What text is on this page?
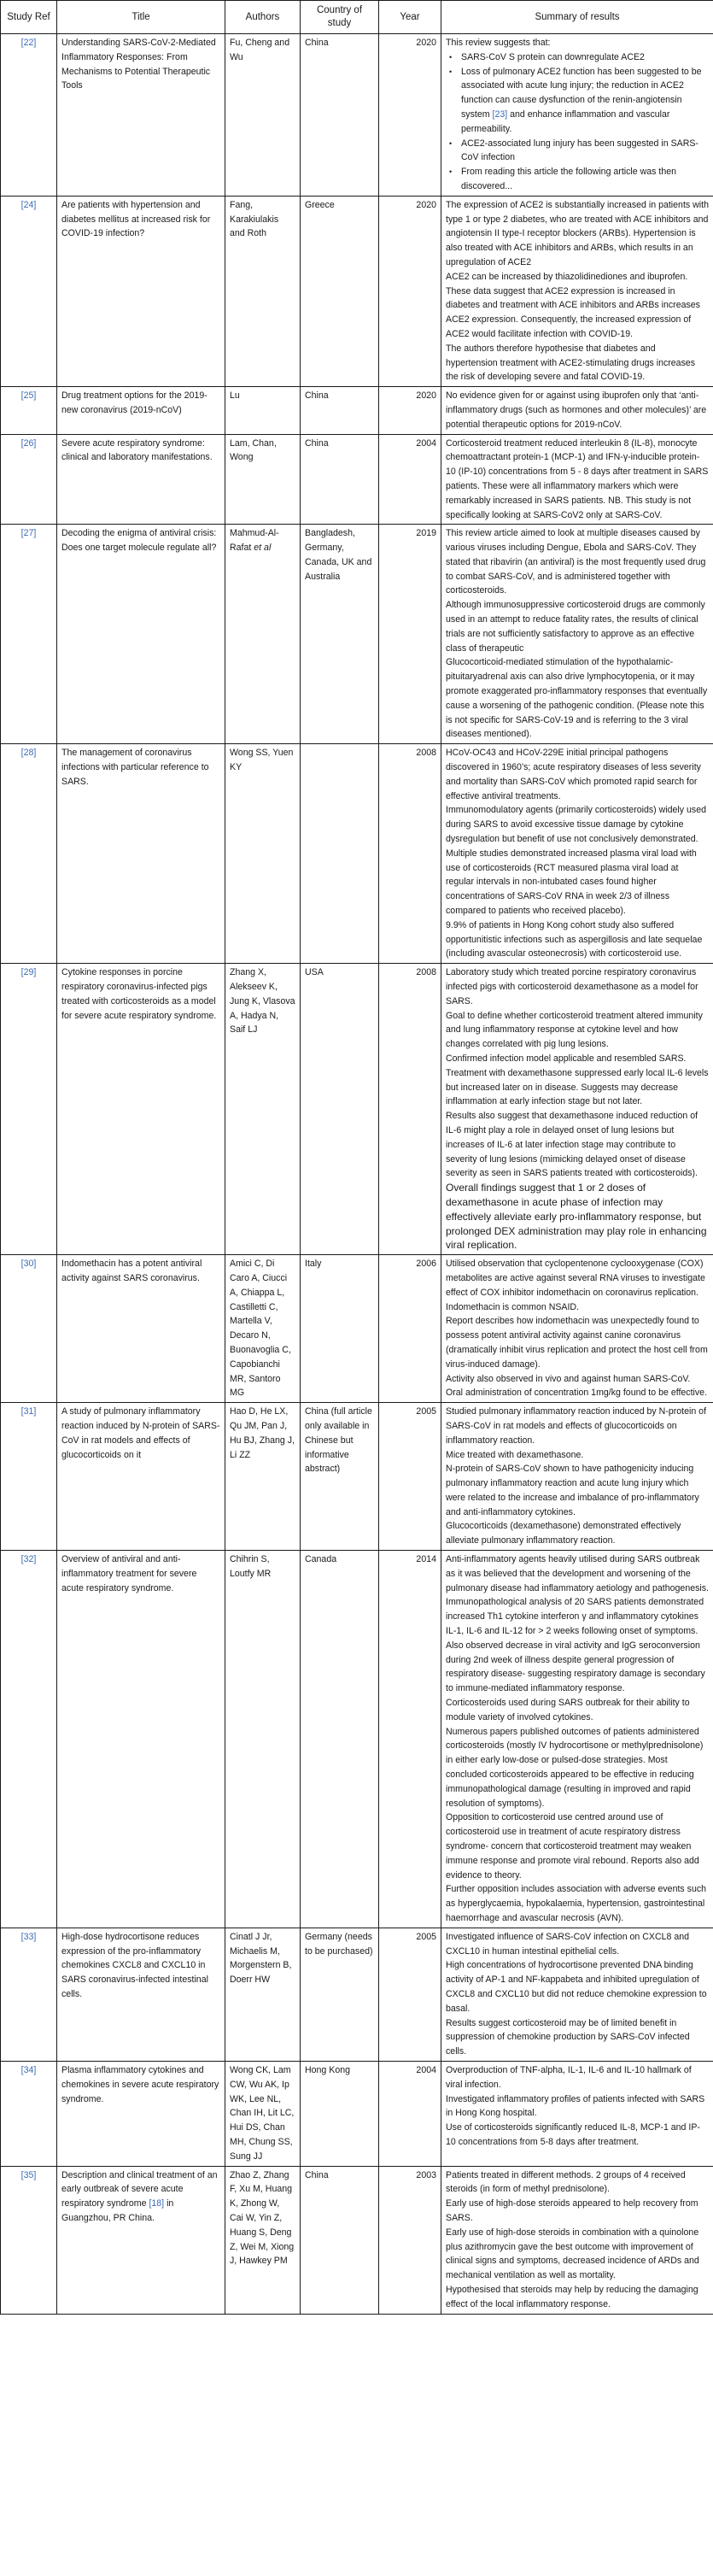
Study Ref	Title	Authors	Country of study	Year	Summary of results
[22]	Understanding SARS-CoV-2-Mediated Inflammatory Responses: From Mechanisms to Potential Therapeutic Tools	Fu, Cheng and Wu	China	2020	This review suggests that:
• SARS-CoV S protein can downregulate ACE2
• Loss of pulmonary ACE2 function has been suggested to be associated with acute lung injury; the reduction in ACE2 function can cause dysfunction of the renin-angiotensin system [23] and enhance inflammation and vascular permeability.
• ACE2-associated lung injury has been suggested in SARS- CoV infection
• From reading this article the following article was then discovered...

[24]	Are patients with hypertension and diabetes mellitus at increased risk for COVID-19 infection?	Fang, Karakiulakis and Roth	Greece	2020	The expression of ACE2 is substantially increased in patients with type 1 or type 2 diabetes, who are treated with ACE inhibitors and angiotensin II type-I receptor blockers (ARBs). Hypertension is also treated with ACE inhibitors and ARBs, which results in an upregulation of ACE2
ACE2 can be increased by thiazolidinediones and ibuprofen. These data suggest that ACE2 expression is increased in diabetes and treatment with ACE inhibitors and ARBs increases ACE2 expression. Consequently, the increased expression of ACE2 would facilitate infection with COVID-19.
The authors therefore hypothesise that diabetes and hypertension treatment with ACE2-stimulating drugs increases the risk of developing severe and fatal COVID-19.

[25]	Drug treatment options for the 2019-new coronavirus (2019-nCoV)	Lu	China	2020	No evidence given for or against using ibuprofen only that ‘anti-inflammatory drugs (such as hormones and other molecules)’ are potential therapeutic options for 2019-nCoV.

[26]	Severe acute respiratory syndrome: clinical and laboratory manifestations.	Lam, Chan, Wong	China	2004	Corticosteroid treatment reduced interleukin 8 (IL-8), monocyte chemoattractant protein-1 (MCP-1) and IFN-γ-inducible protein-10 (IP-10) concentrations from 5 - 8 days after treatment in SARS patients. These were all inflammatory markers which were remarkably increased in SARS patients. NB. This study is not specifically looking at SARS-CoV2 only at SARS-CoV.

[27]	Decoding the enigma of antiviral crisis: Does one target molecule regulate all?	Mahmud-Al-Rafat et al	Bangladesh, Germany, Canada, UK and Australia	2019	This review article aimed to look at multiple diseases caused by various viruses including Dengue, Ebola and SARS-CoV. They stated that ribavirin (an antiviral) is the most frequently used drug to combat SARS-CoV, and is administered together with corticosteroids.
Although immunosuppressive corticosteroid drugs are commonly used in an attempt to reduce fatality rates, the results of clinical trials are not sufficiently satisfactory to approve as an effective class of therapeutic
Glucocorticoid-mediated stimulation of the hypothalamic-pituitaryadrenal axis can also drive lymphocytopenia, or it may promote exaggerated pro-inflammatory responses that eventually cause a worsening of the pathogenic condition. (Please note this is not specific for SARS-CoV-19 and is referring to the 3 viral diseases mentioned).

[28]	The management of coronavirus infections with particular reference to SARS.	Wong SS, Yuen KY		2008	HCoV-OC43 and HCoV-229E initial principal pathogens discovered in 1960’s; acute respiratory diseases of less severity and mortality than SARS-CoV which promoted rapid search for effective antiviral treatments.
Immunomodulatory agents (primarily corticosteroids) widely used during SARS to avoid excessive tissue damage by cytokine dysregulation but benefit of use not conclusively demonstrated.
Multiple studies demonstrated increased plasma viral load with use of corticosteroids (RCT measured plasma viral load at regular intervals in non-intubated cases found higher concentrations of SARS-CoV RNA in week 2/3 of illness compared to patients who received placebo).
9.9% of patients in Hong Kong cohort study also suffered opportunitistic infections such as aspergillosis and late sequelae (including avascular osteonecrosis) with corticosteroid use.

[29]	Cytokine responses in porcine respiratory coronavirus-infected pigs treated with corticosteroids as a model for severe acute respiratory syndrome.	Zhang X, Alekseev K, Jung K, Vlasova A, Hadya N, Saif LJ	USA	2008	Laboratory study which treated porcine respiratory coronavirus infected pigs with corticosteroid dexamethasone as a model for SARS.
Goal to define whether corticosteroid treatment altered immunity and lung inflammatory response at cytokine level and how changes correlated with pig lung lesions.
Confirmed infection model applicable and resembled SARS.
Treatment with dexamethasone suppressed early local IL-6 levels but increased later on in disease. Suggests may decrease inflammation at early infection stage but not later.
Results also suggest that dexamethasone induced reduction of IL-6 might play a role in delayed onset of lung lesions but increases of IL-6 at later infection stage may contribute to severity of lung lesions (mimicking delayed onset of disease severity as seen in SARS patients treated with corticosteroids).
Overall findings suggest that 1 or 2 doses of dexamethasone in acute phase of infection may effectively alleviate early pro-inflammatory response, but prolonged DEX administration may play role in enhancing viral replication.

[30]	Indomethacin has a potent antiviral activity against SARS coronavirus.	Amici C, Di Caro A, Ciucci A, Chiappa L, Castilletti C, Martella V, Decaro N, Buonavoglia C, Capobianchi MR, Santoro MG	Italy	2006	Utilised observation that cyclopentenone cyclooxygenase (COX) metabolites are active against several RNA viruses to investigate effect of COX inhibitor indomethacin on coronavirus replication.
Indomethacin is common NSAID.
Report describes how indomethacin was unexpectedly found to possess potent antiviral activity against canine coronavirus (dramatically inhibit virus replication and protect the host cell from virus-induced damage).
Activity also observed in vivo and against human SARS-CoV.
Oral administration of concentration 1mg/kg found to be effective.

[31]	A study of pulmonary inflammatory reaction induced by N-protein of SARS-CoV in rat models and effects of glucocorticoids on it	Hao D, He LX, Qu JM, Pan J, Hu BJ, Zhang J, Li ZZ	China (full article only available in Chinese but informative abstract)	2005	Studied pulmonary inflammatory reaction induced by N-protein of SARS-CoV in rat models and effects of glucocorticoids on inflammatory reaction.
Mice treated with dexamethasone.
N-protein of SARS-CoV shown to have pathogenicity inducing pulmonary inflammatory reaction and acute lung injury which were related to the increase and imbalance of pro-inflammatory and anti-inflammatory cytokines.
Glucocorticoids (dexamethasone) demonstrated effectively alleviate pulmonary inflammatory reaction.

[32]	Overview of antiviral and anti-inflammatory treatment for severe acute respiratory syndrome.	Chihrin S, Loutfy MR	Canada	2014	Anti-inflammatory agents heavily utilised during SARS outbreak as it was believed that the development and worsening of the pulmonary disease had inflammatory aetiology and pathogenesis.
Immunopathological analysis of 20 SARS patients demonstrated increased Th1 cytokine interferon γ and inflammatory cytokines IL-1, IL-6 and IL-12 for > 2 weeks following onset of symptoms.
Also observed decrease in viral activity and IgG seroconversion during 2nd week of illness despite general progression of respiratory disease- suggesting respiratory damage is secondary to immune-mediated inflammatory response.
Corticosteroids used during SARS outbreak for their ability to module variety of involved cytokines.
Numerous papers published outcomes of patients administered corticosteroids (mostly IV hydrocortisone or methylprednisolone) in either early low-dose or pulsed-dose strategies. Most concluded corticosteroids appeared to be effective in reducing immunopathological damage (resulting in improved and rapid resolution of symptoms).
Opposition to corticosteroid use centred around use of corticosteroid use in treatment of acute respiratory distress syndrome- concern that corticosteroid treatment may weaken immune response and promote viral rebound. Reports also add evidence to theory.
Further opposition includes association with adverse events such as hyperglycaemia, hypokalaemia, hypertension, gastrointestinal haemorrhage and avascular necrosis (AVN).

[33]	High-dose hydrocortisone reduces expression of the pro-inflammatory chemokines CXCL8 and CXCL10 in SARS coronavirus-infected intestinal cells.	Cinatl J Jr, Michaelis M, Morgenstern B, Doerr HW	Germany (needs to be purchased)	2005	Investigated influence of SARS-CoV infection on CXCL8 and CXCL10 in human intestinal epithelial cells.
High concentrations of hydrocortisone prevented DNA binding activity of AP-1 and NF-kappabeta and inhibited upregulation of CXCL8 and CXCL10 but did not reduce chemokine expression to basal.
Results suggest corticosteroid may be of limited benefit in suppression of chemokine production by SARS-CoV infected cells.

[34]	Plasma inflammatory cytokines and chemokines in severe acute respiratory syndrome.	Wong CK, Lam CW, Wu AK, Ip WK, Lee NL, Chan IH, Lit LC, Hui DS, Chan MH, Chung SS, Sung JJ	Hong Kong	2004	Overproduction of TNF-alpha, IL-1, IL-6 and IL-10 hallmark of viral infection.
Investigated inflammatory profiles of patients infected with SARS in Hong Kong hospital.
Use of corticosteroids significantly reduced IL-8, MCP-1 and IP-10 concentrations from 5-8 days after treatment.

[35]	Description and clinical treatment of an early outbreak of severe acute respiratory syndrome [18] in Guangzhou, PR China.	Zhao Z, Zhang F, Xu M, Huang K, Zhong W, Cai W, Yin Z, Huang S, Deng Z, Wei M, Xiong J, Hawkey PM	China	2003	Patients treated in different methods. 2 groups of 4 received steroids (in form of methyl prednisolone).
Early use of high-dose steroids appeared to help recovery from SARS.
Early use of high-dose steroids in combination with a quinolone plus azithromycin gave the best outcome with improvement of clinical signs and symptoms, decreased incidence of ARDs and mechanical ventilation as well as mortality.
Hypothesised that steroids may help by reducing the damaging effect of the local inflammatory response.
